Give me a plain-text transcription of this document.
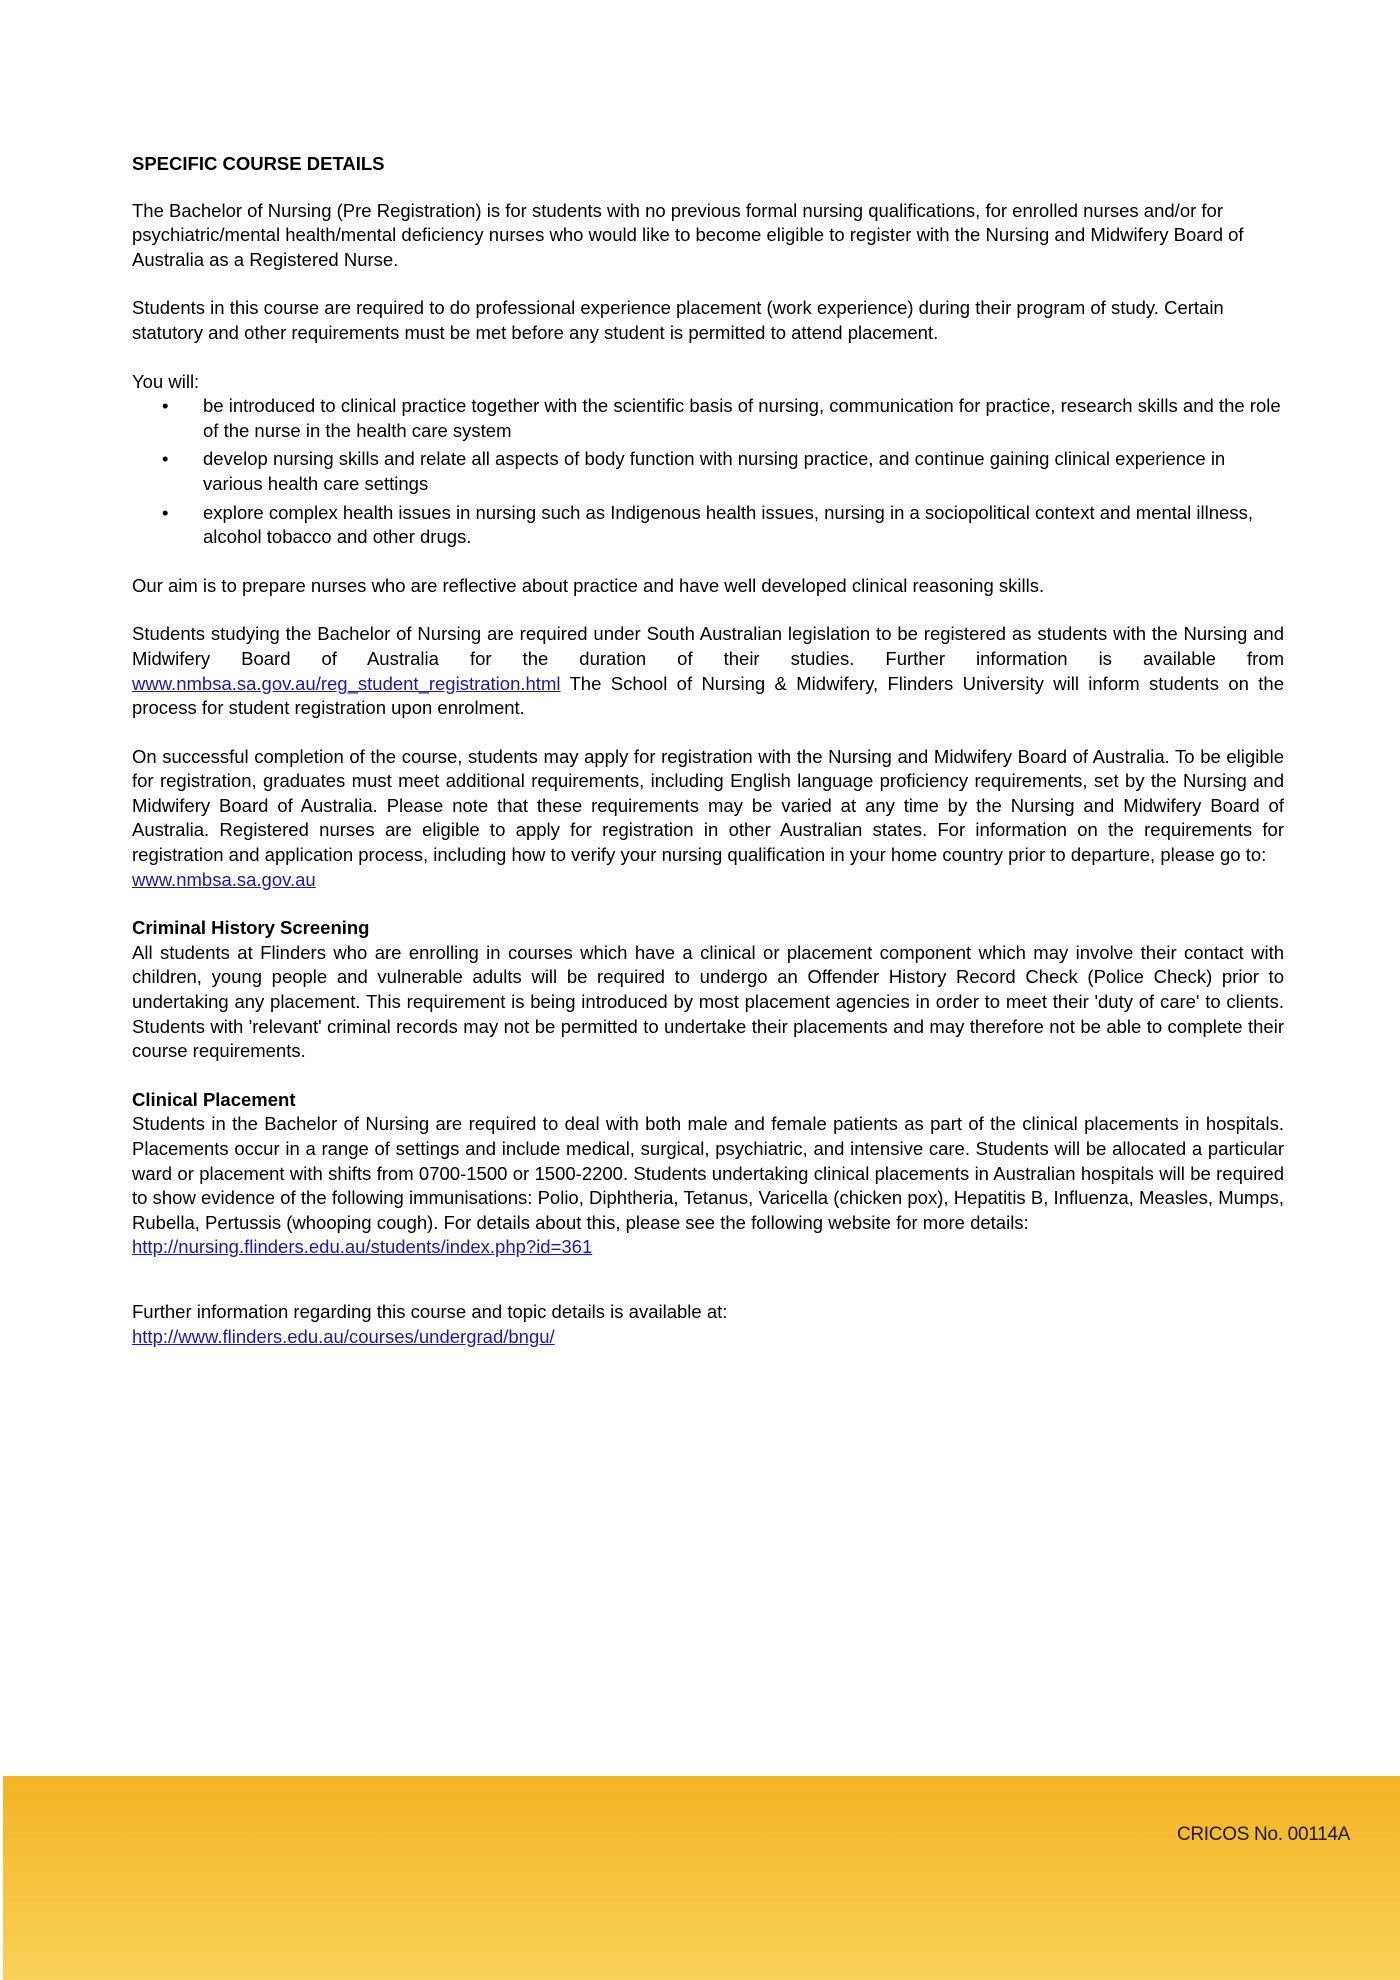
SPECIFIC COURSE DETAILS

The Bachelor of Nursing (Pre Registration) is for students with no previous formal nursing qualifications, for enrolled nurses and/or for psychiatric/mental health/mental deficiency nurses who would like to become eligible to register with the Nursing and Midwifery Board of Australia as a Registered Nurse.

Students in this course are required to do professional experience placement (work experience) during their program of study. Certain statutory and other requirements must be met before any student is permitted to attend placement.

You will:

• be introduced to clinical practice together with the scientific basis of nursing, communication for practice, research skills and the role of the nurse in the health care system
• develop nursing skills and relate all aspects of body function with nursing practice, and continue gaining clinical experience in various health care settings
• explore complex health issues in nursing such as Indigenous health issues, nursing in a sociopolitical context and mental illness, alcohol tobacco and other drugs.

Our aim is to prepare nurses who are reflective about practice and have well developed clinical reasoning skills.

Students studying the Bachelor of Nursing are required under South Australian legislation to be registered as students with the Nursing and Midwifery Board of Australia for the duration of their studies. Further information is available from www.nmbsa.sa.gov.au/reg_student_registration.html The School of Nursing & Midwifery, Flinders University will inform students on the process for student registration upon enrolment.

On successful completion of the course, students may apply for registration with the Nursing and Midwifery Board of Australia. To be eligible for registration, graduates must meet additional requirements, including English language proficiency requirements, set by the Nursing and Midwifery Board of Australia. Please note that these requirements may be varied at any time by the Nursing and Midwifery Board of Australia. Registered nurses are eligible to apply for registration in other Australian states. For information on the requirements for registration and application process, including how to verify your nursing qualification in your home country prior to departure, please go to:
www.nmbsa.sa.gov.au

Criminal History Screening

All students at Flinders who are enrolling in courses which have a clinical or placement component which may involve their contact with children, young people and vulnerable adults will be required to undergo an Offender History Record Check (Police Check) prior to undertaking any placement. This requirement is being introduced by most placement agencies in order to meet their 'duty of care' to clients. Students with 'relevant' criminal records may not be permitted to undertake their placements and may therefore not be able to complete their course requirements.

Clinical Placement

Students in the Bachelor of Nursing are required to deal with both male and female patients as part of the clinical placements in hospitals. Placements occur in a range of settings and include medical, surgical, psychiatric, and intensive care. Students will be allocated a particular ward or placement with shifts from 0700-1500 or 1500-2200. Students undertaking clinical placements in Australian hospitals will be required to show evidence of the following immunisations: Polio, Diphtheria, Tetanus, Varicella (chicken pox), Hepatitis B, Influenza, Measles, Mumps, Rubella, Pertussis (whooping cough). For details about this, please see the following website for more details:
http://nursing.flinders.edu.au/students/index.php?id=361

Further information regarding this course and topic details is available at:
http://www.flinders.edu.au/courses/undergrad/bngu/

CRICOS No. 00114A
